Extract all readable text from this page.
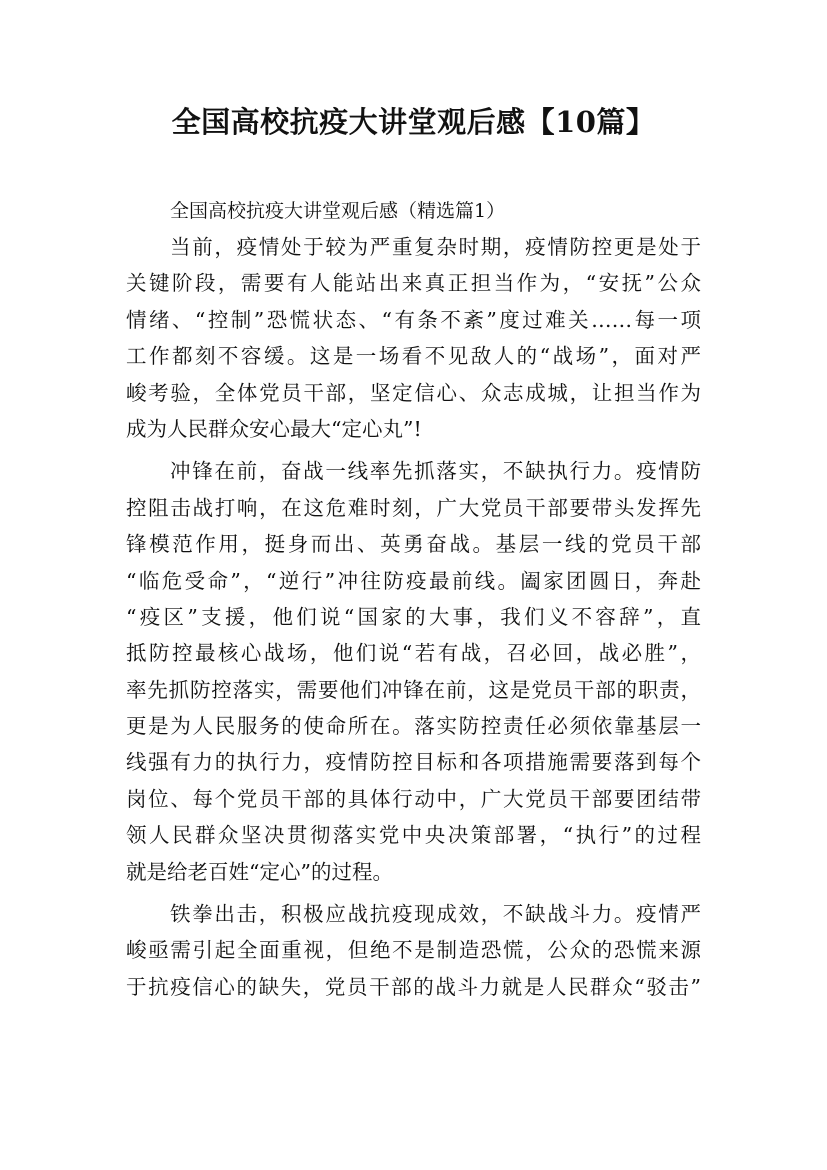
全国高校抗疫大讲堂观后感【10篇】

全国高校抗疫大讲堂观后感（精选篇1）

当前，疫情处于较为严重复杂时期，疫情防控更是处于
关键阶段，需要有人能站出来真正担当作为，“安抚”公众
情绪、“控制”恐慌状态、“有条不紊”度过难关……每一项
工作都刻不容缓。这是一场看不见敌人的“战场”，面对严
峻考验，全体党员干部，坚定信心、众志成城，让担当作为
成为人民群众安心最大“定心丸”!
冲锋在前，奋战一线率先抓落实，不缺执行力。疫情防
控阻击战打响，在这危难时刻，广大党员干部要带头发挥先
锋模范作用，挺身而出、英勇奋战。基层一线的党员干部
“临危受命”，“逆行”冲往防疫最前线。阖家团圆日，奔赴
“疫区”支援，他们说“国家的大事，我们义不容辞”，直
抵防控最核心战场，他们说“若有战，召必回，战必胜”，
率先抓防控落实，需要他们冲锋在前，这是党员干部的职责，
更是为人民服务的使命所在。落实防控责任必须依靠基层一
线强有力的执行力，疫情防控目标和各项措施需要落到每个
岗位、每个党员干部的具体行动中，广大党员干部要团结带
领人民群众坚决贯彻落实党中央决策部署，“执行”的过程
就是给老百姓“定心”的过程。
铁拳出击，积极应战抗疫现成效，不缺战斗力。疫情严
峻亟需引起全面重视，但绝不是制造恐慌，公众的恐慌来源
于抗疫信心的缺失，党员干部的战斗力就是人民群众“驳击”
